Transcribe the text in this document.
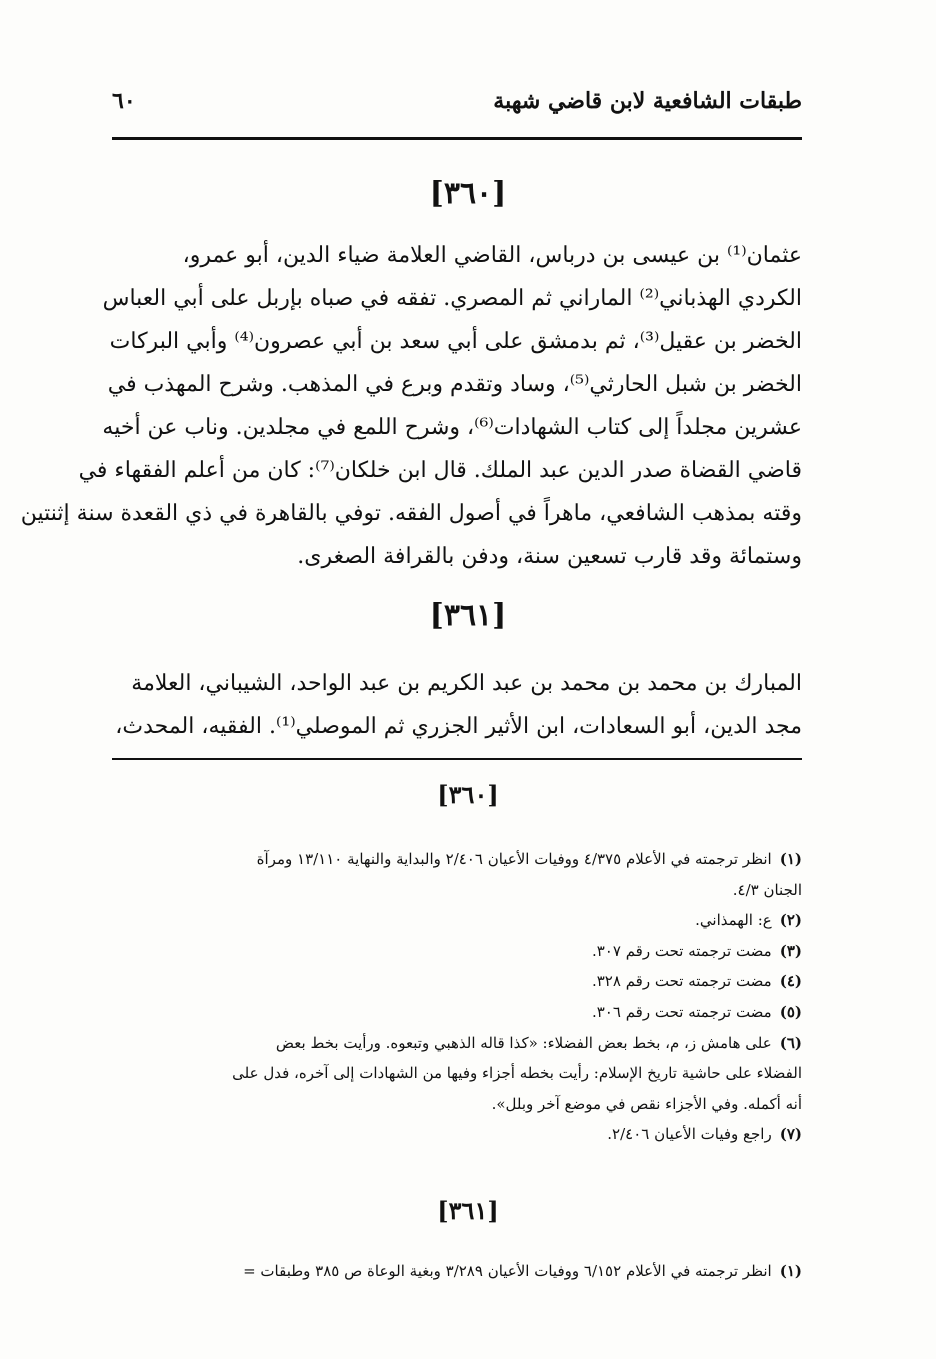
طبقات الشافعية لابن قاضي شهبة
٦٠
[٣٦٠]
عثمان⁽¹⁾ بن عيسى بن درباس، القاضي العلامة ضياء الدين، أبو عمرو،
الكردي الهذباني⁽²⁾ الماراني ثم المصري. تفقه في صباه بإربل على أبي العباس
الخضر بن عقيل⁽³⁾، ثم بدمشق على أبي سعد بن أبي عصرون⁽⁴⁾ وأبي البركات
الخضر بن شبل الحارثي⁽⁵⁾، وساد وتقدم وبرع في المذهب. وشرح المهذب في
عشرين مجلداً إلى كتاب الشهادات⁽⁶⁾، وشرح اللمع في مجلدين. وناب عن أخيه
قاضي القضاة صدر الدين عبد الملك. قال ابن خلكان⁽⁷⁾: كان من أعلم الفقهاء في
وقته بمذهب الشافعي، ماهراً في أصول الفقه. توفي بالقاهرة في ذي القعدة سنة إثنتين
وستمائة وقد قارب تسعين سنة، ودفن بالقرافة الصغرى.
[٣٦١]
المبارك بن محمد بن محمد بن عبد الكريم بن عبد الواحد، الشيباني، العلامة
مجد الدين، أبو السعادات، ابن الأثير الجزري ثم الموصلي⁽¹⁾. الفقيه، المحدث،
[٣٦٠]
(١)انظر ترجمته في الأعلام ٤/٣٧٥ ووفيات الأعيان ٢/٤٠٦ والبداية والنهاية ١٣/١١٠ ومرآة
الجنان ٤/٣.
(٢)ع: الهمذاني.
(٣)مضت ترجمته تحت رقم ٣٠٧.
(٤)مضت ترجمته تحت رقم ٣٢٨.
(٥)مضت ترجمته تحت رقم ٣٠٦.
(٦)على هامش ز، م، بخط بعض الفضلاء: «كذا قاله الذهبي وتبعوه. ورأيت بخط بعض
الفضلاء على حاشية تاريخ الإسلام: رأيت بخطه أجزاء وفيها من الشهادات إلى آخره، فدل على
أنه أكمله. وفي الأجزاء نقص في موضع آخر وبلل».
(٧)راجع وفيات الأعيان ٢/٤٠٦.
[٣٦١]
(١)انظر ترجمته في الأعلام ٦/١٥٢ ووفيات الأعيان ٣/٢٨٩ وبغية الوعاة ص ٣٨٥ وطبقات =
